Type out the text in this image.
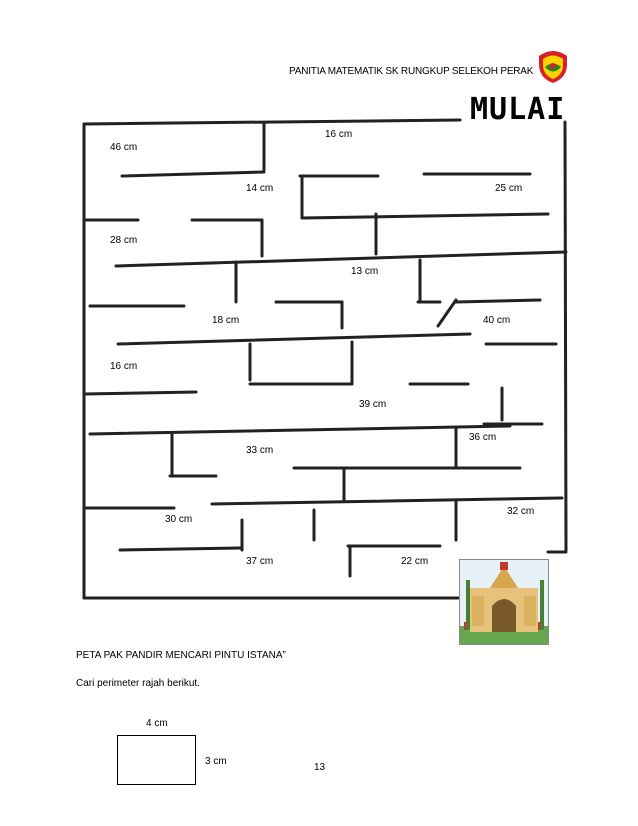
PANITIA MATEMATIK SK RUNGKUP SELEKOH PERAK
MULAI
16 cm
46 cm
14 cm	25 cm
28 cm
13 cm
18 cm	40 cm
16 cm
39 cm
36 cm
33 cm
32 cm
30 cm
37 cm	22 cm
PETA PAK PANDIR MENCARI PINTU ISTANA”
Cari perimeter rajah berikut.
4 cm
3 cm
13
